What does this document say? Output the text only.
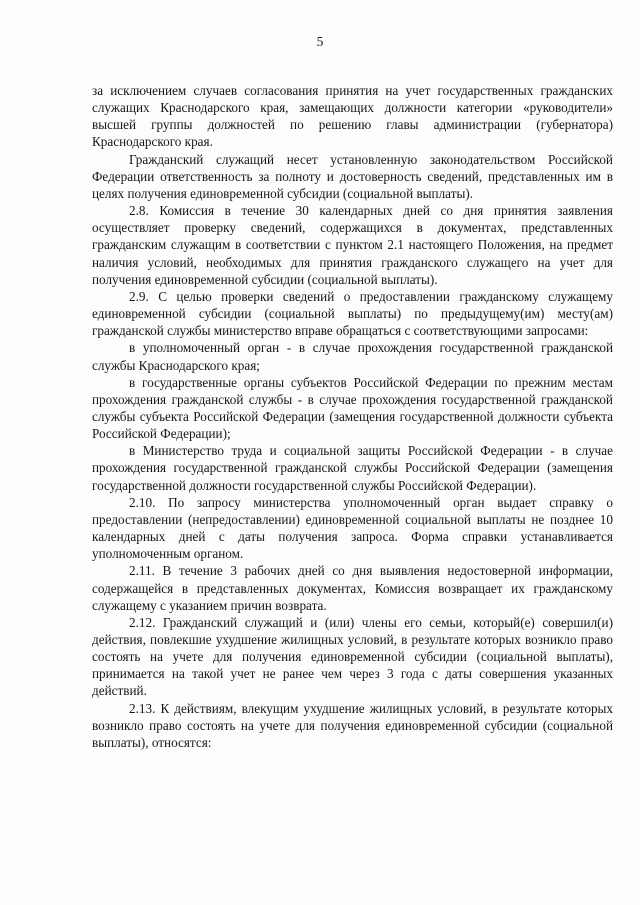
5

за исключением случаев согласования принятия на учет государственных гражданских служащих Краснодарского края, замещающих должности категории «руководители» высшей группы должностей по решению главы администрации (губернатора) Краснодарского края.

Гражданский служащий несет установленную законодательством Российской Федерации ответственность за полноту и достоверность сведений, представленных им в целях получения единовременной субсидии (социальной выплаты).

2.8. Комиссия в течение 30 календарных дней со дня принятия заявления осуществляет проверку сведений, содержащихся в документах, представленных гражданским служащим в соответствии с пунктом 2.1 настоящего Положения, на предмет наличия условий, необходимых для принятия гражданского служащего на учет для получения единовременной субсидии (социальной выплаты).

2.9. С целью проверки сведений о предоставлении гражданскому служащему единовременной субсидии (социальной выплаты) по предыдущему(им) месту(ам) гражданской службы министерство вправе обращаться с соответствующими запросами:

в уполномоченный орган - в случае прохождения государственной гражданской службы Краснодарского края;

в государственные органы субъектов Российской Федерации по прежним местам прохождения гражданской службы - в случае прохождения государственной гражданской службы субъекта Российской Федерации (замещения государственной должности субъекта Российской Федерации);

в Министерство труда и социальной защиты Российской Федерации - в случае прохождения государственной гражданской службы Российской Федерации (замещения государственной должности государственной службы Российской Федерации).

2.10. По запросу министерства уполномоченный орган выдает справку о предоставлении (непредоставлении) единовременной социальной выплаты не позднее 10 календарных дней с даты получения запроса. Форма справки устанавливается уполномоченным органом.

2.11. В течение 3 рабочих дней со дня выявления недостоверной информации, содержащейся в представленных документах, Комиссия возвращает их гражданскому служащему с указанием причин возврата.

2.12. Гражданский служащий и (или) члены его семьи, который(е) совершил(и) действия, повлекшие ухудшение жилищных условий, в результате которых возникло право состоять на учете для получения единовременной субсидии (социальной выплаты), принимается на такой учет не ранее чем через 3 года с даты совершения указанных действий.

2.13. К действиям, влекущим ухудшение жилищных условий, в результате которых возникло право состоять на учете для получения единовременной субсидии (социальной выплаты), относятся:
